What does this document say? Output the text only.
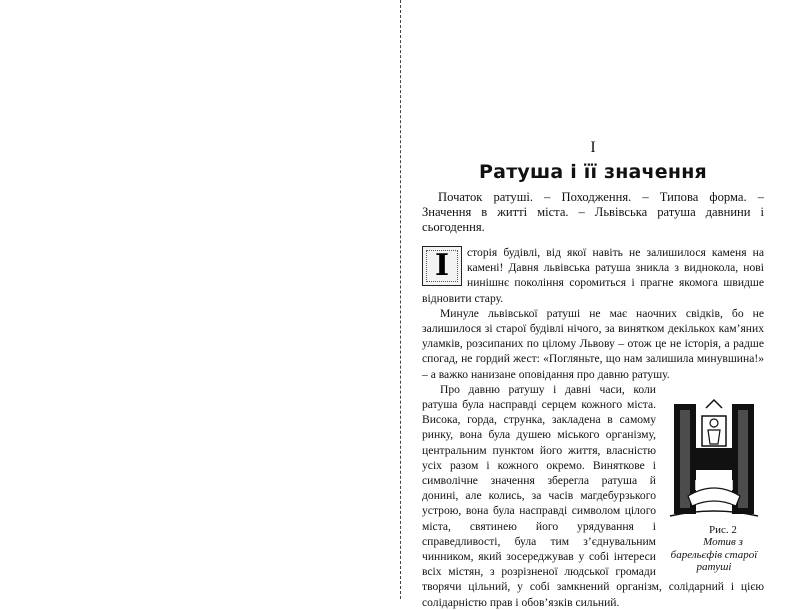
І
Ратуша і її значення
Початок ратуші. – Походження. – Типова форма. – Значення в житті міста. – Львівська ратуша давнини і сьогодення.

І	сторія будівлі, від якої навіть не залишилося каменя на камені! Давня львівська ратуша зникла з виднокола, нові нинішнє покоління соромиться і прагне якомога швидше відновити стару.

Минуле львівської ратуші не має наочних свідків, бо не залишилося зі старої будівлі нічого, за винятком декількох кам’яних уламків, розсипаних по цілому Львову – отож це не історія, а радше спогад, не гордий жест: «Погляньте, що нам залишила минувшина!» – а важко нанизане оповідання про давню ратушу.

Рис. 2
Мотив з барельєфів старої ратуші
Про давню ратушу і давні часи, коли ратуша була насправді серцем кожного міста. Висока, горда, струнка, закладена в самому ринку, вона була душею міського організму, центральним пунктом його життя, власністю усіх разом і кожного окремо. Виняткове і символічне значення зберегла ратуша й донині, але колись, за часів магдебурзького устрою, вона була насправді символом цілого міста, святинею його урядування і справедливості, була тим з’єднувальним чинником, який зосереджував у собі інтереси всіх містян, з розрізненої людської громади творячи цільний, у собі замкнений організм, солідарний і цією солідарністю прав і обов’язків сильний.
